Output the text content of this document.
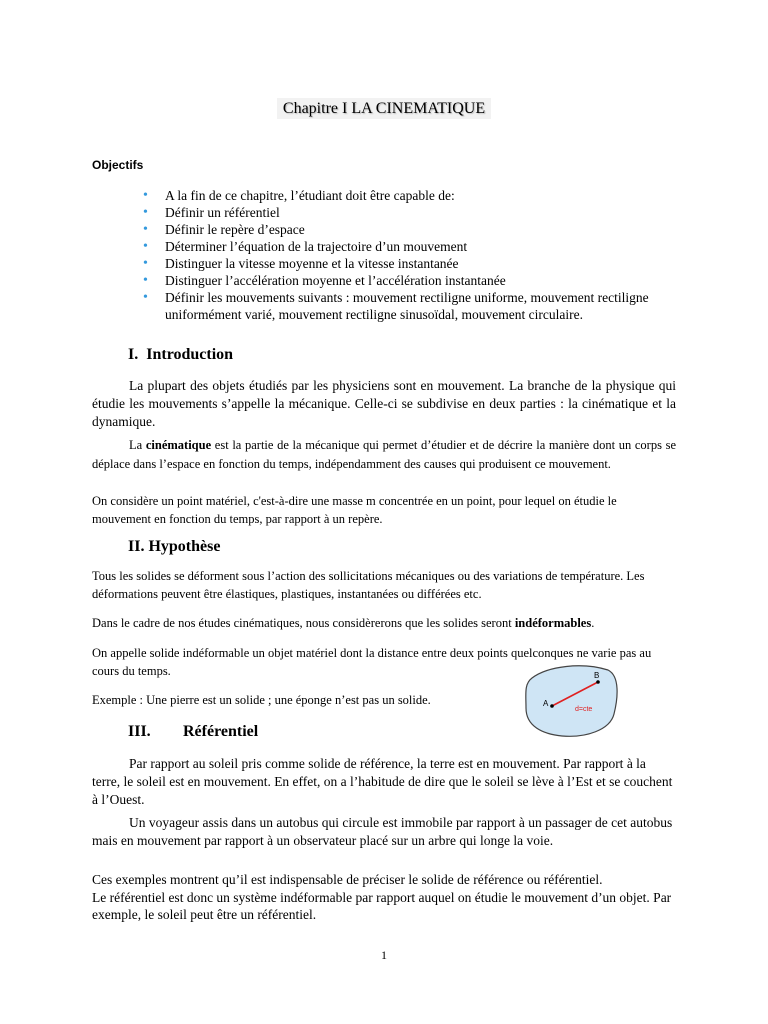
Chapitre I LA CINEMATIQUE
Objectifs
• A la fin de ce chapitre, l’étudiant doit être capable de:
• Définir un référentiel
• Définir le repère d’espace
• Déterminer l’équation de la trajectoire d’un mouvement
• Distinguer la vitesse moyenne et la vitesse instantanée
• Distinguer l’accélération moyenne et l’accélération instantanée
• Définir les mouvements suivants : mouvement rectiligne uniforme, mouvement rectiligne uniformément varié, mouvement rectiligne sinusoïdal, mouvement circulaire.
I. Introduction

La plupart des objets étudiés par les physiciens sont en mouvement. La branche de la physique qui étudie les mouvements s’appelle la mécanique. Celle-ci se subdivise en deux parties : la cinématique et la dynamique.

La cinématique est la partie de la mécanique qui permet d’étudier et de décrire la manière dont un corps se déplace dans l’espace en fonction du temps, indépendamment des causes qui produisent ce mouvement.

On considère un point matériel, c'est-à-dire une masse m concentrée en un point, pour lequel on étudie le mouvement en fonction du temps, par rapport à un repère.

II. Hypothèse

Tous les solides se déforment sous l’action des sollicitations mécaniques ou des variations de température. Les déformations peuvent être élastiques, plastiques, instantanées ou différées etc.

Dans le cadre de nos études cinématiques, nous considèrerons que les solides seront indéformables.

On appelle solide indéformable un objet matériel dont la distance entre deux points quelconques ne varie pas au cours du temps.

Exemple : Une pierre est un solide ; une éponge n’est pas un solide.	A
B
d=cte
III. Référentiel

Par rapport au soleil pris comme solide de référence, la terre est en mouvement. Par rapport à la terre, le soleil est en mouvement. En effet, on a l’habitude de dire que le soleil se lève à l’Est et se couchent à l’Ouest.

Un voyageur assis dans un autobus qui circule est immobile par rapport à un passager de cet autobus mais en mouvement par rapport à un observateur placé sur un arbre qui longe la voie.

Ces exemples montrent qu’il est indispensable de préciser le solide de référence ou référentiel.

Le référentiel est donc un système indéformable par rapport auquel on étudie le mouvement d’un objet. Par exemple, le soleil peut être un référentiel.

1
